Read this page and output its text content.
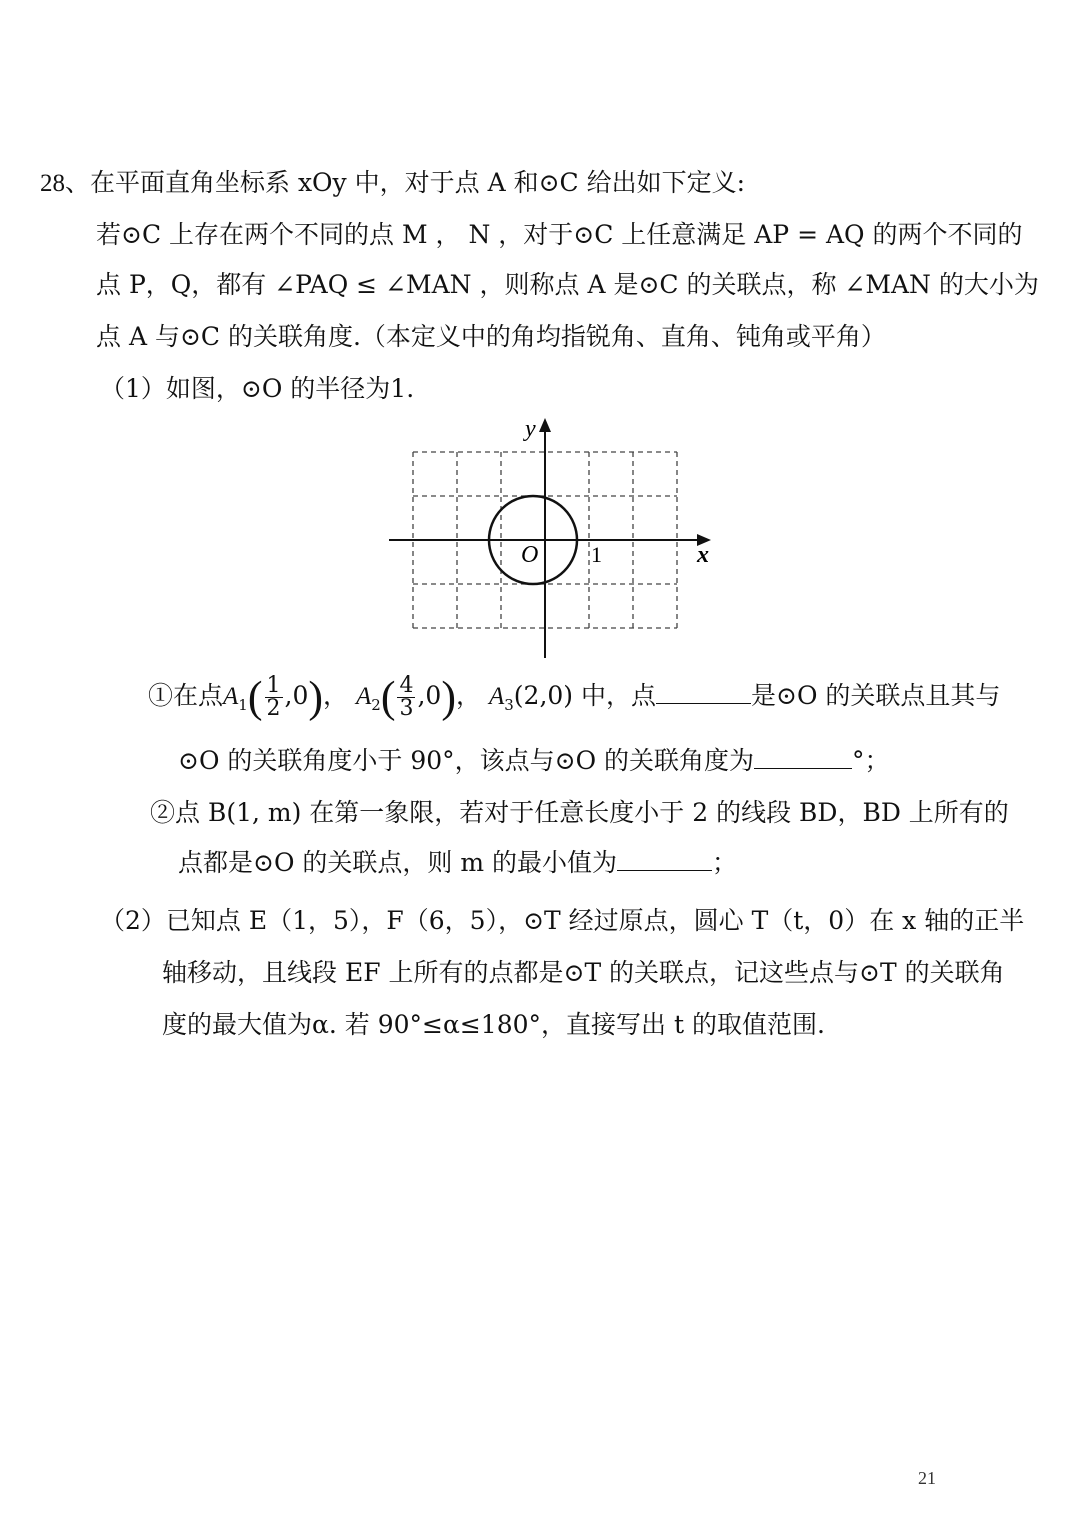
28、在平面直角坐标系 xOy 中，对于点 A 和⊙C 给出如下定义:
若⊙C 上存在两个不同的点 M ， N ，对于⊙C 上任意满足 AP = AQ 的两个不同的
点 P，Q，都有 ∠PAQ ≤ ∠MAN ，则称点 A 是⊙C 的关联点，称 ∠MAN 的大小为
点 A 与⊙C 的关联角度.（本定义中的角均指锐角、直角、钝角或平角）
（1）如图，⊙O 的半径为1.
y
x
O 1
①在点$A_1( \frac{1}{2} ,0)$， $A_2( \frac{4}{3} ,0)$， $A_3(2,0)$ 中，点	是⊙O 的关联点且其与
⊙O 的关联角度小于 90°，该点与⊙O 的关联角度为	°；
②点 B(1, m) 在第一象限，若对于任意长度小于 2 的线段 BD，BD 上所有的
点都是⊙O 的关联点，则 m 的最小值为	；
（2）已知点 E（1，5），F（6，5），⊙T 经过原点，圆心 T（t，0）在 x 轴的正半
轴移动，且线段 EF 上所有的点都是⊙T 的关联点，记这些点与⊙T 的关联角
度的最大值为α. 若 90°≤α≤180°，直接写出 t 的取值范围.
21
